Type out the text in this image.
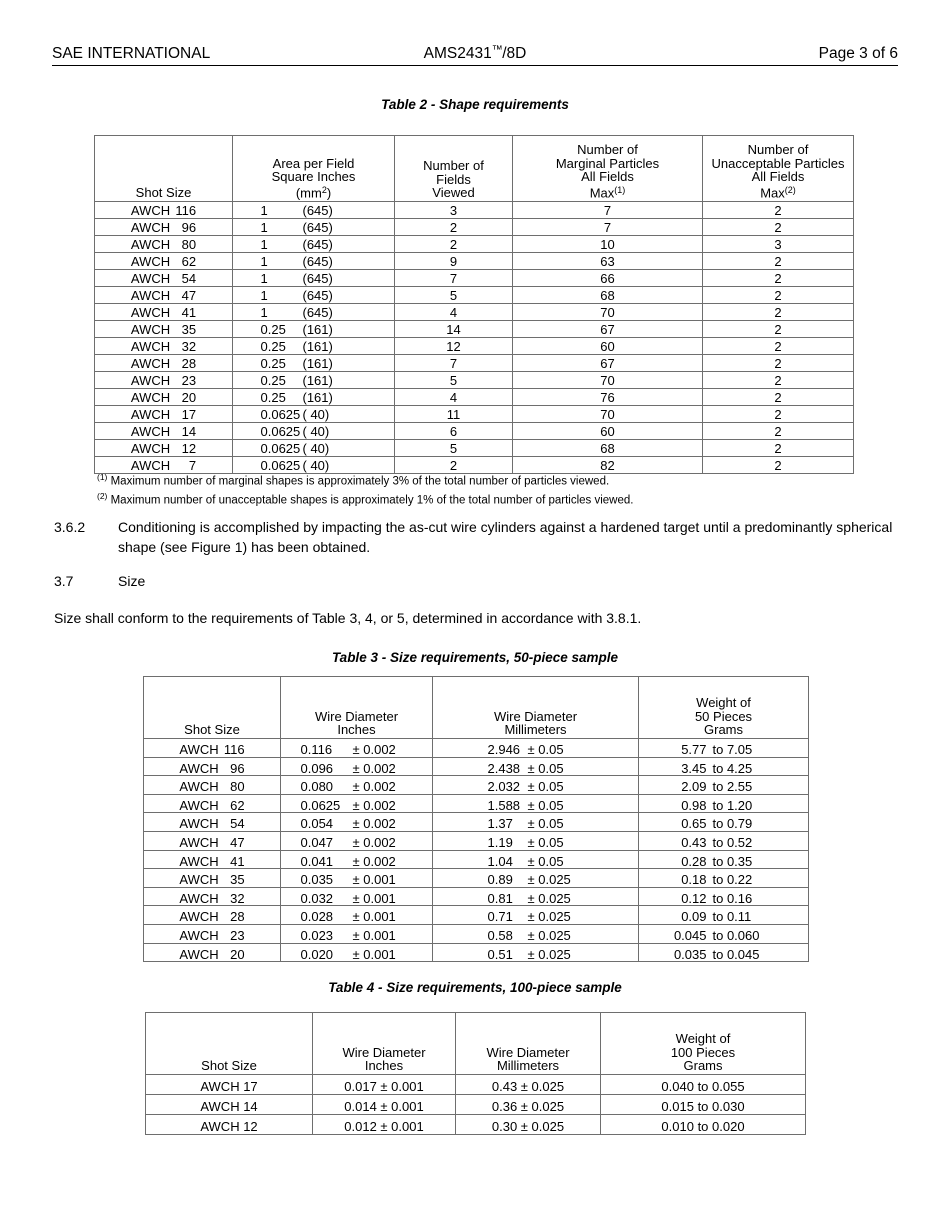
SAE INTERNATIONAL	AMS2431™/8D	Page 3 of 6
Table 2 - Shape requirements
Shot Size	Area per Field
Square Inches
(mm$^2$)	Number of
Fields
Viewed	Number of
Marginal Particles
All Fields
Max$^{(1)}$	Number of
Unacceptable Particles
All Fields
Max$^{(2)}$
AWCH 116	1 (645)	3	7	2
AWCH 96	1 (645)	2	7	2
AWCH 80	1 (645)	2	10	3
AWCH 62	1 (645)	9	63	2
AWCH 54	1 (645)	7	66	2
AWCH 47	1 (645)	5	68	2
AWCH 41	1 (645)	4	70	2
AWCH 35	0.25 (161)	14	67	2
AWCH 32	0.25 (161)	12	60	2
AWCH 28	0.25 (161)	7	67	2
AWCH 23	0.25 (161)	5	70	2
AWCH 20	0.25 (161)	4	76	2
AWCH 17	0.0625 ( 40)	11	70	2
AWCH 14	0.0625 ( 40)	6	60	2
AWCH 12	0.0625 ( 40)	5	68	2
AWCH 7	0.0625 ( 40)	2	82	2
$^{(1)}$ Maximum number of marginal shapes is approximately 3% of the total number of particles viewed.
$^{(2)}$ Maximum number of unacceptable shapes is approximately 1% of the total number of particles viewed.
3.6.2 Conditioning is accomplished by impacting the as-cut wire cylinders against a hardened target until a predominantly spherical shape (see Figure 1) has been obtained.
3.7	Size
Size shall conform to the requirements of Table 3, 4, or 5, determined in accordance with 3.8.1.
Table 3 - Size requirements, 50-piece sample
Shot Size	Wire Diameter
Inches	Wire Diameter
Millimeters	Weight of
50 Pieces
Grams
AWCH 116	0.116 ± 0.002	2.946 ± 0.05	5.77 to 7.05
AWCH 96	0.096 ± 0.002	2.438 ± 0.05	3.45 to 4.25
AWCH 80	0.080 ± 0.002	2.032 ± 0.05	2.09 to 2.55
AWCH 62	0.0625 ± 0.002	1.588 ± 0.05	0.98 to 1.20
AWCH 54	0.054 ± 0.002	1.37 ± 0.05	0.65 to 0.79
AWCH 47	0.047 ± 0.002	1.19 ± 0.05	0.43 to 0.52
AWCH 41	0.041 ± 0.002	1.04 ± 0.05	0.28 to 0.35
AWCH 35	0.035 ± 0.001	0.89 ± 0.025	0.18 to 0.22
AWCH 32	0.032 ± 0.001	0.81 ± 0.025	0.12 to 0.16
AWCH 28	0.028 ± 0.001	0.71 ± 0.025	0.09 to 0.11
AWCH 23	0.023 ± 0.001	0.58 ± 0.025	0.045 to 0.060
AWCH 20	0.020 ± 0.001	0.51 ± 0.025	0.035 to 0.045
Table 4 - Size requirements, 100-piece sample
Shot Size	Wire Diameter
Inches	Wire Diameter
Millimeters	Weight of
100 Pieces
Grams
AWCH 17	0.017 ± 0.001	0.43 ± 0.025	0.040 to 0.055
AWCH 14	0.014 ± 0.001	0.36 ± 0.025	0.015 to 0.030
AWCH 12	0.012 ± 0.001	0.30 ± 0.025	0.010 to 0.020
